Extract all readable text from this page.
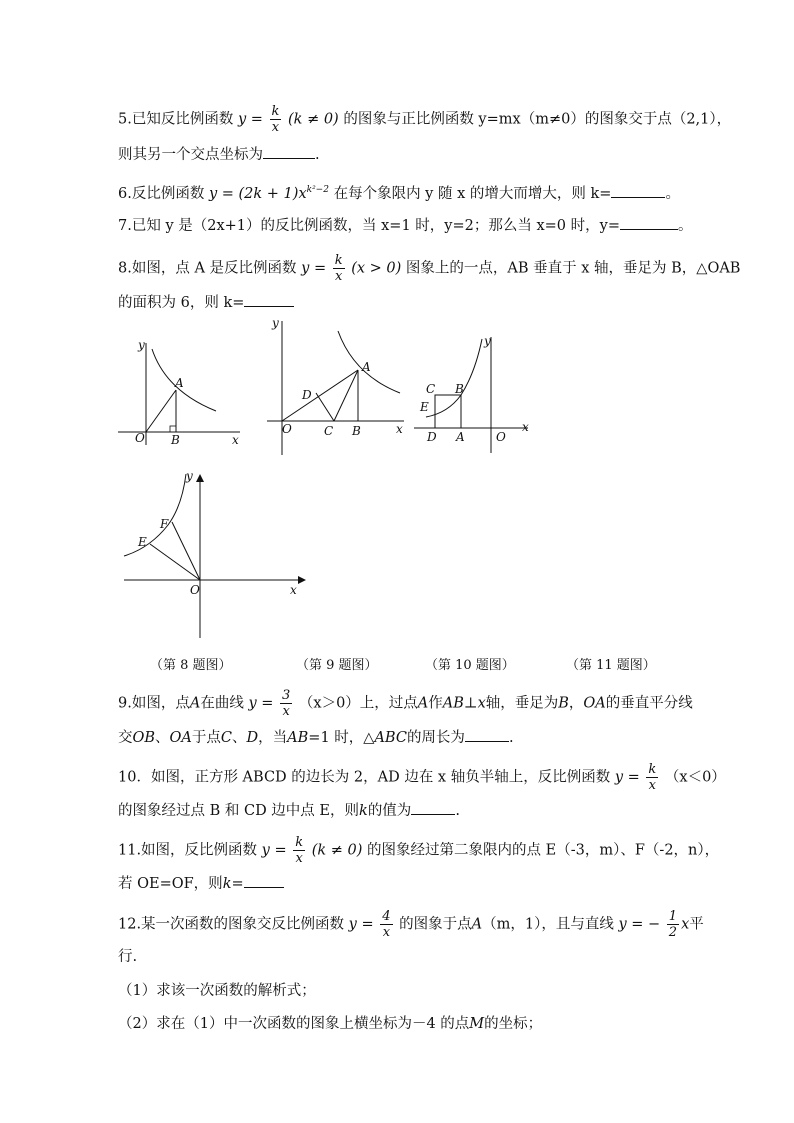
5.已知反比例函数 $y = \frac{k}{x} (k \ne 0)$ 的图象与正比例函数 y=mx（m≠0）的图象交于点（2,1），
则其另一个交点坐标为	.
6.反比例函数 $y = (2k + 1)x^{k^2-2}$ 在每个象限内 y 随 x 的增大而增大，则 k=	。
7.已知 y 是（2x+1）的反比例函数，当 x=1 时，y=2；那么当 x=0 时，y=	。
8.如图，点 A 是反比例函数 $y = \frac{k}{x} (x > 0)$ 图象上的一点，AB 垂直于 x 轴，垂足为 B，△OAB
的面积为 6，则 k=
y
x
O
A
B
y
x
O
A
B
C
D
y
x
O
C B
E
D A
y
x
O
E
F
（第 8 题图）	（第 9 题图）	（第 10 题图）	（第 11 题图）
9.如图，点A在曲线 $y = \frac{3}{x} (x>0)$上，过点A作AB⊥x轴，垂足为B，OA的垂直平分线
交OB、OA于点C、D，当AB=1 时，△ABC的周长为	.
10．如图，正方形 ABCD 的边长为 2，AD 边在 x 轴负半轴上，反比例函数 $y = \frac{k}{x} (x<0)$
的图象经过点 B 和 CD 边中点 E，则k的值为	.
11.如图，反比例函数 $y = \frac{k}{x} (k \ne 0)$ 的图象经过第二象限内的点 E（-3，m）、F（-2，n），
若 OE=OF，则k=
12.某一次函数的图象交反比例函数 $y = \frac{4}{x}$ 的图象于点A（m，1），且与直线 y = − $\frac{1}{2}$ x平
行.
（1）求该一次函数的解析式；
（2）求在（1）中一次函数的图象上横坐标为－4 的点M的坐标；
